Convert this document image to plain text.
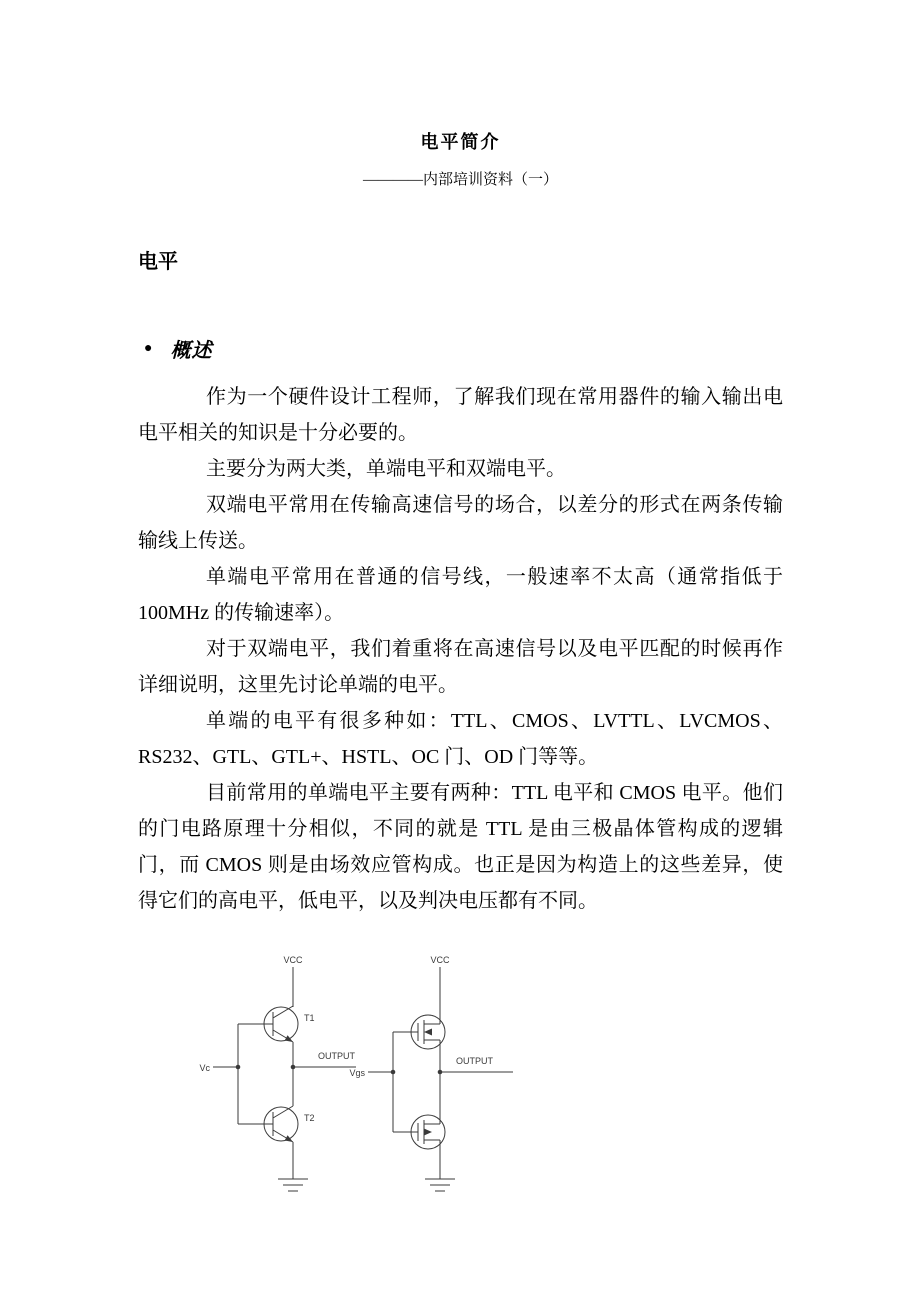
电平简介
————内部培训资料（一）
电平
● 概述

作为一个硬件设计工程师，了解我们现在常用器件的输入输出电电平相关的知识是十分必要的。

主要分为两大类，单端电平和双端电平。

双端电平常用在传输高速信号的场合，以差分的形式在两条传输输线上传送。

单端电平常用在普通的信号线，一般速率不太高（通常指低于100MHz 的传输速率）。

对于双端电平，我们着重将在高速信号以及电平匹配的时候再作详细说明，这里先讨论单端的电平。

单端的电平有很多种如：TTL、CMOS、LVTTL、LVCMOS、RS232、GTL、GTL+、HSTL、OC 门、OD 门等等。

目前常用的单端电平主要有两种：TTL 电平和 CMOS 电平。他们的门电路原理十分相似，不同的就是 TTL 是由三极晶体管构成的逻辑门，而 CMOS 则是由场效应管构成。也正是因为构造上的这些差异，使得它们的高电平，低电平，以及判决电压都有不同。

VCC
T1
OUTPUT
Vc
T2
VCC
OUTPUT
Vgs
